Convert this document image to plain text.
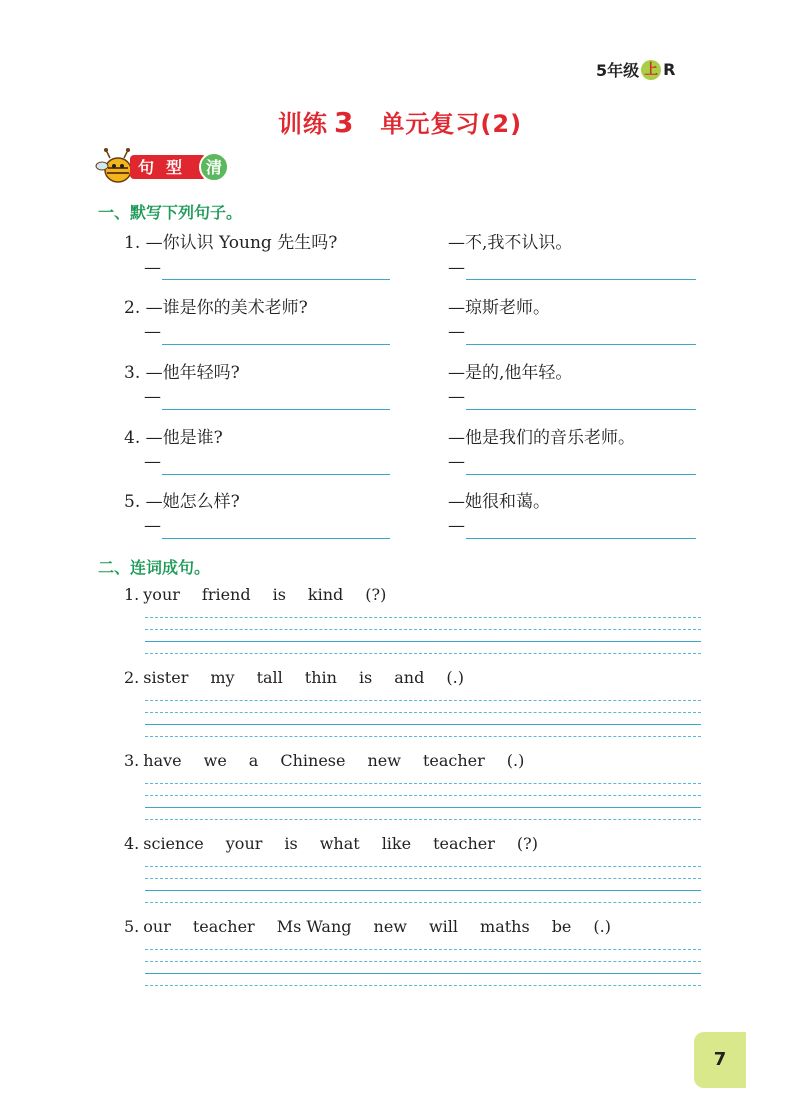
5年级 上 R
训练 3 单元复习(2)
句 型 清
一、默写下列句子。
1. —你认识 Young 先生吗?	—不,我不认识。
—	—
2. —谁是你的美术老师?	—琼斯老师。
—	—
3. —他年轻吗?	—是的,他年轻。
—	—
4. —他是谁?	—他是我们的音乐老师。
—	—
5. —她怎么样?	—她很和蔼。
—	—
二、连词成句。
1. your friend is kind (?)
2. sister my tall thin is and (.)
3. have we a Chinese new teacher (.)
4. science your is what like teacher (?)
5. our teacher Ms Wang new will maths be (.)
7
